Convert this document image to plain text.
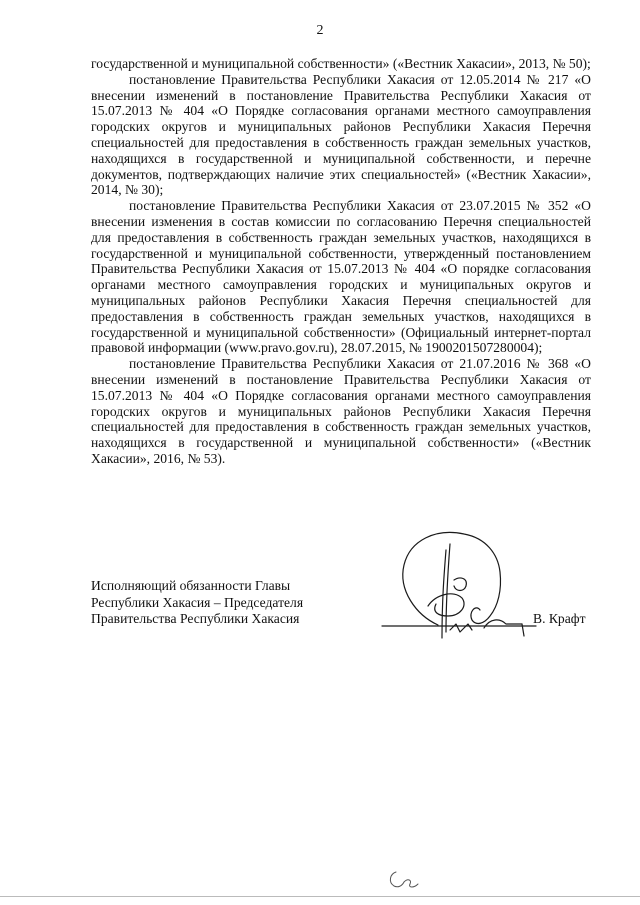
2

государственной и муниципальной собственности» («Вестник Хакасии», 2013, № 50);

постановление Правительства Республики Хакасия от 12.05.2014 № 217 «О внесении изменений в постановление Правительства Республики Хакасия от 15.07.2013 № 404 «О Порядке согласования органами местного самоуправления городских округов и муниципальных районов Республики Хакасия Перечня специальностей для предоставления в собственность граждан земельных участков, находящихся в государственной и муниципальной собственности, и перечне документов, подтверждающих наличие этих специальностей» («Вестник Хакасии», 2014, № 30);

постановление Правительства Республики Хакасия от 23.07.2015 № 352 «О внесении изменения в состав комиссии по согласованию Перечня специальностей для предоставления в собственность граждан земельных участков, находящихся в государственной и муниципальной собственности, утвержденный постановлением Правительства Республики Хакасия от 15.07.2013 № 404 «О порядке согласования органами местного самоуправления городских и муниципальных округов и муниципальных районов Республики Хакасия Перечня специальностей для предоставления в собственность граждан земельных участков, находящихся в государственной и муниципальной собственности» (Официальный интернет-портал правовой информации (www.pravo.gov.ru), 28.07.2015, № 1900201507280004);

постановление Правительства Республики Хакасия от 21.07.2016 № 368 «О внесении изменений в постановление Правительства Республики Хакасия от 15.07.2013 № 404 «О Порядке согласования органами местного самоуправления городских округов и муниципальных районов Республики Хакасия Перечня специальностей для предоставления в собственность граждан земельных участков, находящихся в государственной и муниципальной собственности» («Вестник Хакасии», 2016, № 53).

Исполняющий обязанности Главы
Республики Хакасия – Председателя
Правительства Республики Хакасия	В. Крафт
